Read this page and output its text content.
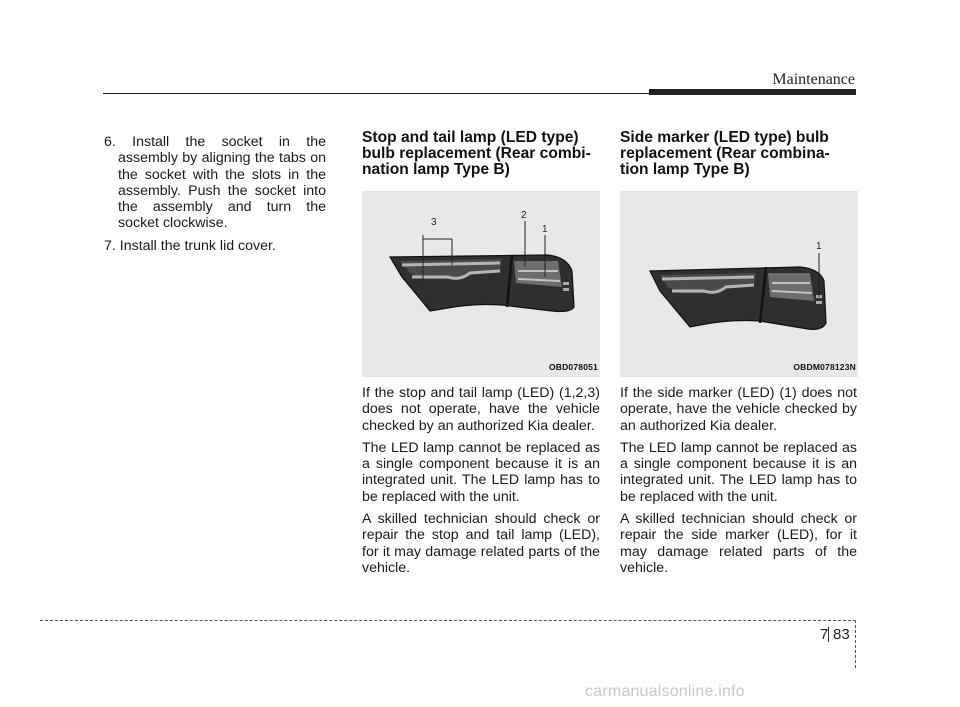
Maintenance
6. Install the socket in the assembly by aligning the tabs on the socket with the slots in the assembly. Push the socket into the assembly and turn the socket clockwise.
7. Install the trunk lid cover.
Stop and tail lamp (LED type) bulb replacement (Rear combi-nation lamp Type B)
3
2
1
OBD078051

If the stop and tail lamp (LED) (1,2,3) does not operate, have the vehicle checked by an authorized Kia dealer.

The LED lamp cannot be replaced as a single component because it is an integrated unit. The LED lamp has to be replaced with the unit.

A skilled technician should check or repair the stop and tail lamp (LED), for it may damage related parts of the vehicle.

Side marker (LED type) bulb replacement (Rear combina-tion lamp Type B)
1
OBDM078123N

If the side marker (LED) (1) does not operate, have the vehicle checked by an authorized Kia dealer.

The LED lamp cannot be replaced as a single component because it is an integrated unit. The LED lamp has to be replaced with the unit.

A skilled technician should check or repair the side marker (LED), for it may damage related parts of the vehicle.

7 83
carmanualsonline.info
